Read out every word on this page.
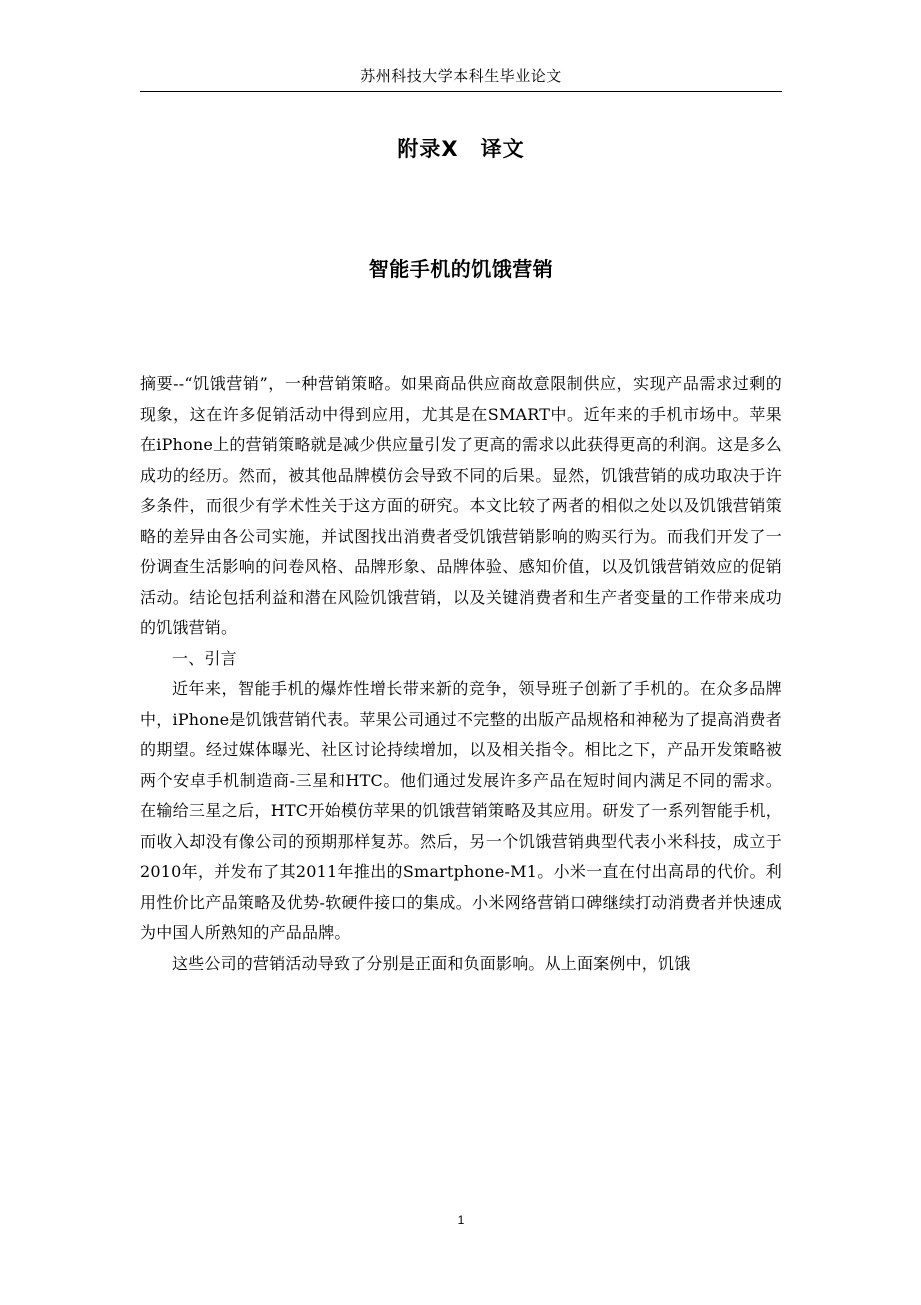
苏州科技大学本科生毕业论文
附录X　译文
智能手机的饥饿营销

摘要--“饥饿营销”，一种营销策略。如果商品供应商故意限制供应，实现产品需求过剩的现象，这在许多促销活动中得到应用，尤其是在SMART中。近年来的手机市场中。苹果在iPhone上的营销策略就是减少供应量引发了更高的需求以此获得更高的利润。这是多么成功的经历。然而，被其他品牌模仿会导致不同的后果。显然，饥饿营销的成功取决于许多条件，而很少有学术性关于这方面的研究。本文比较了两者的相似之处以及饥饿营销策略的差异由各公司实施，并试图找出消费者受饥饿营销影响的购买行为。而我们开发了一份调查生活影响的问卷风格、品牌形象、品牌体验、感知价值，以及饥饿营销效应的促销活动。结论包括利益和潜在风险饥饿营销，以及关键消费者和生产者变量的工作带来成功的饥饿营销。

一、引言

近年来，智能手机的爆炸性增长带来新的竞争，领导班子创新了手机的。在众多品牌中，iPhone是饥饿营销代表。苹果公司通过不完整的出版产品规格和神秘为了提高消费者的期望。经过媒体曝光、社区讨论持续增加，以及相关指令。相比之下，产品开发策略被两个安卓手机制造商-三星和HTC。他们通过发展许多产品在短时间内满足不同的需求。在输给三星之后，HTC开始模仿苹果的饥饿营销策略及其应用。研发了一系列智能手机，而收入却没有像公司的预期那样复苏。然后，另一个饥饿营销典型代表小米科技，成立于2010年，并发布了其2011年推出的Smartphone-M1。小米一直在付出高昂的代价。利用性价比产品策略及优势-软硬件接口的集成。小米网络营销口碑继续打动消费者并快速成为中国人所熟知的产品品牌。

这些公司的营销活动导致了分别是正面和负面影响。从上面案例中，饥饿

1
